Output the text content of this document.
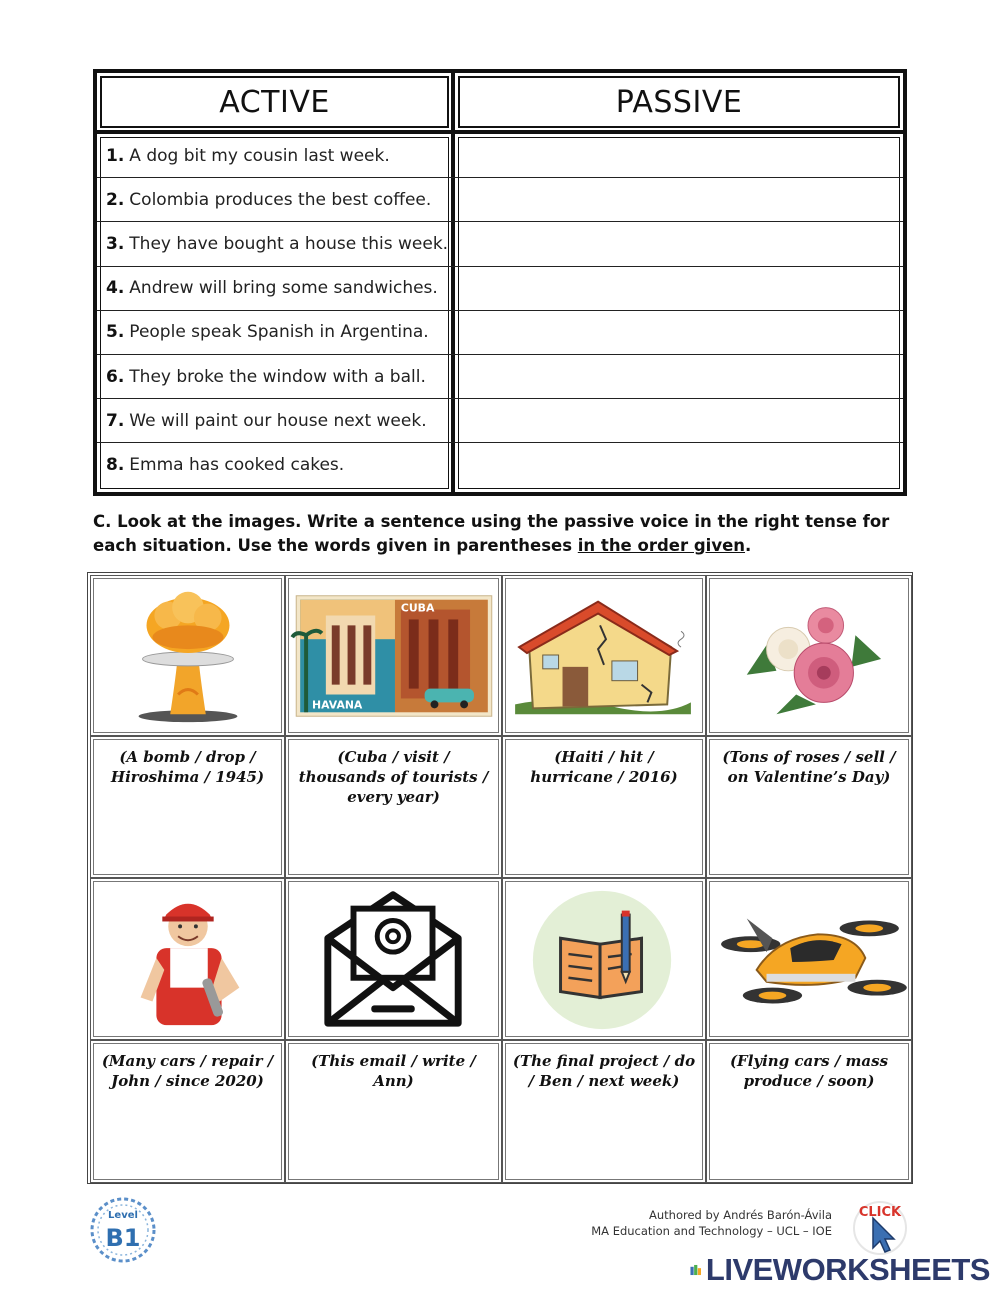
ACTIVE	PASSIVE
1. A dog bit my cousin last week.
2. Colombia produces the best coffee.
3. They have bought a house this week.
4. Andrew will bring some sandwiches.
5. People speak Spanish in Argentina.
6. They broke the window with a ball.
7. We will paint our house next week.
8. Emma has cooked cakes.
C. Look at the images. Write a sentence using the passive voice in the right tense for each situation. Use the words given in parentheses in the order given.
HAVANA
CUBA
(A bomb / drop / Hiroshima / 1945)
(Cuba / visit / thousands of tourists / every year)
(Haiti / hit / hurricane / 2016)
(Tons of roses / sell / on Valentine’s Day)
(Many cars / repair / John / since 2020)
(This email / write / Ann)
(The final project / do / Ben / next week)
(Flying cars / mass produce / soon)
Level
B1
Authored by Andrés Barón-Ávila
MA Education and Technology – UCL – IOE
CLICK
LIVEWORKSHEETS
